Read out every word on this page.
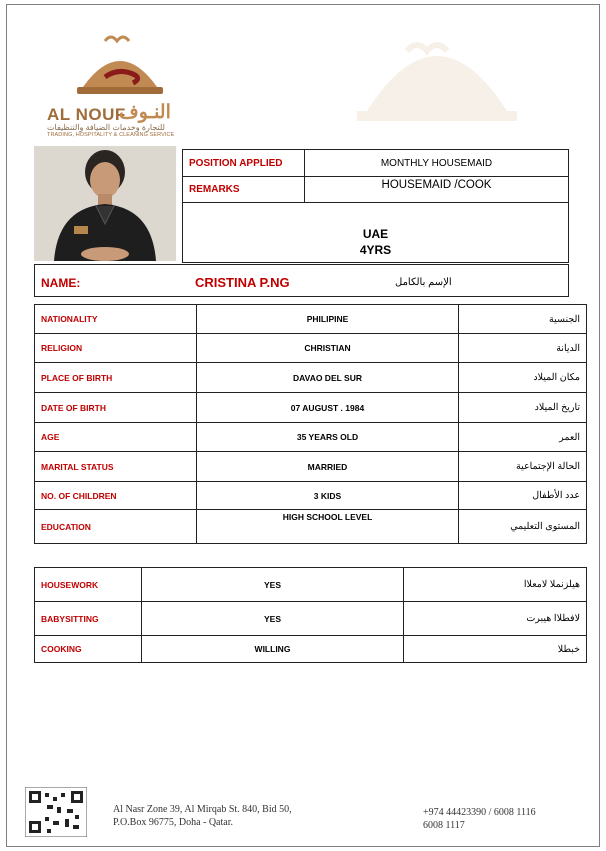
AL NOUF
النـوف
للتجارة وخدمات الضيافة والتنظيفات
TRADING, HOSPITALITY & CLEANING SERVICE
POSITION APPLIED	MONTHLY HOUSEMAID
REMARKS	HOUSEMAID /COOK
UAE
4YRS
NAME:	CRISTINA P.NG	الإسم بالكامل
NATIONALITY	PHILIPINE	الجنسية
RELIGION	CHRISTIAN	الديانة
PLACE OF BIRTH	DAVAO DEL SUR	مكان الميلاد
DATE OF BIRTH	07 AUGUST . 1984	تاريخ الميلاد
AGE	35 YEARS OLD	العمر
MARITAL STATUS	MARRIED	الحالة الإجتماعية
NO. OF CHILDREN	3 KIDS	عدد الأطفال
EDUCATION	HIGH SCHOOL LEVEL	المستوى التعليمي
HOUSEWORK	YES	هيلزنملا لامعلاا
BABYSITTING	YES	لافطلاا هيبرت
COOKING	WILLING	خبطلا
Al Nasr Zone 39, Al Mirqab St. 840, Bid 50,
P.O.Box 96775, Doha - Qatar.
+974 44423390 / 6008 1116
6008 1117
